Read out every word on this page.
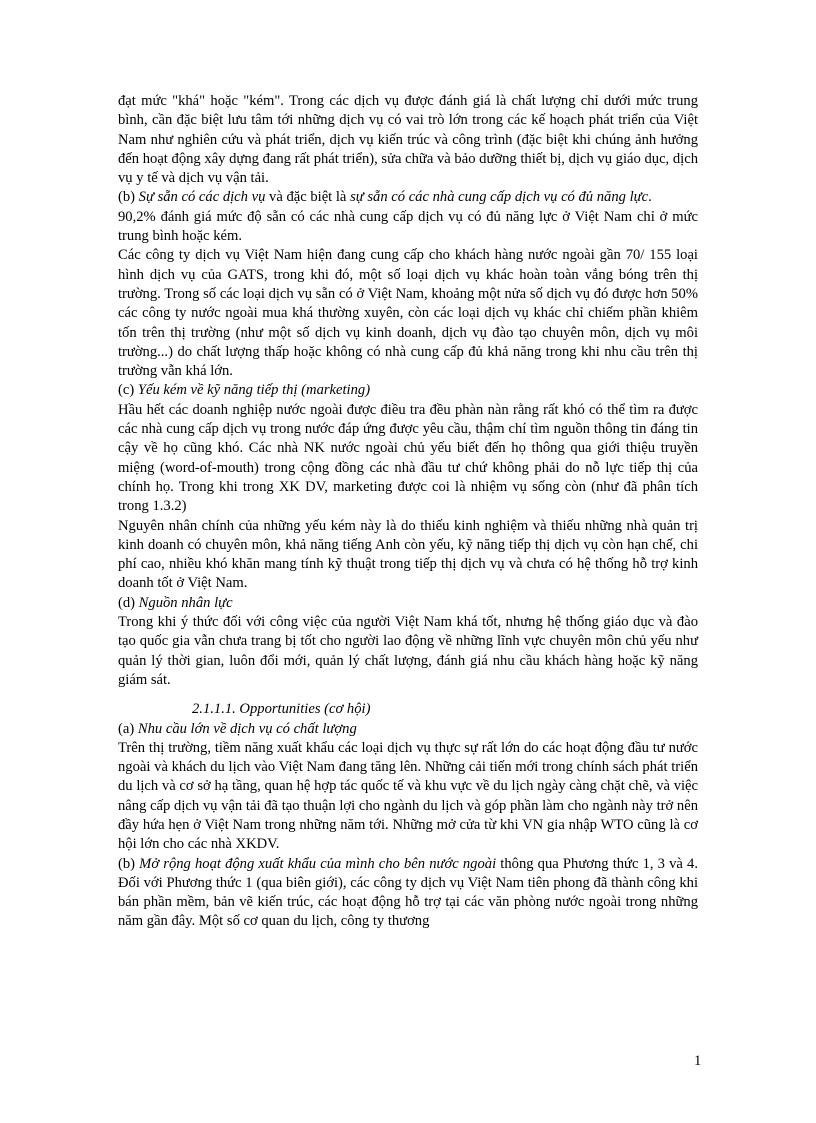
đạt mức "khá" hoặc "kém". Trong các dịch vụ được đánh giá là chất lượng chỉ dưới mức trung bình, cần đặc biệt lưu tâm tới những dịch vụ có vai trò lớn trong các kế hoạch phát triển của Việt Nam như nghiên cứu và phát triển, dịch vụ kiến trúc và công trình (đặc biệt khi chúng ảnh hưởng đến hoạt động xây dựng đang rất phát triển), sửa chữa và bảo dưỡng thiết bị, dịch vụ giáo dục, dịch vụ y tế và dịch vụ vận tải.

(b) Sự sẵn có các dịch vụ và đặc biệt là sự sẵn có các nhà cung cấp dịch vụ có đủ năng lực.

90,2% đánh giá mức độ sẵn có các nhà cung cấp dịch vụ có đủ năng lực ở Việt Nam chỉ ở mức trung bình hoặc kém.

Các công ty dịch vụ Việt Nam hiện đang cung cấp cho khách hàng nước ngoài gần 70/ 155 loại hình dịch vụ của GATS, trong khi đó, một số loại dịch vụ khác hoàn toàn vắng bóng trên thị trường. Trong số các loại dịch vụ sẵn có ở Việt Nam, khoảng một nửa số dịch vụ đó được hơn 50% các công ty nước ngoài mua khá thường xuyên, còn các loại dịch vụ khác chỉ chiếm phần khiêm tốn trên thị trường (như một số dịch vụ kinh doanh, dịch vụ đào tạo chuyên môn, dịch vụ môi trường...) do chất lượng thấp hoặc không có nhà cung cấp đủ khả năng trong khi nhu cầu trên thị trường vẫn khá lớn.

(c) Yếu kém về kỹ năng tiếp thị (marketing)

Hầu hết các doanh nghiệp nước ngoài được điều tra đều phàn nàn rằng rất khó có thể tìm ra được các nhà cung cấp dịch vụ trong nước đáp ứng được yêu cầu, thậm chí tìm nguồn thông tin đáng tin cậy về họ cũng khó. Các nhà NK nước ngoài chủ yếu biết đến họ thông qua giới thiệu truyền miệng (word-of-mouth) trong cộng đồng các nhà đầu tư chứ không phải do nỗ lực tiếp thị của chính họ. Trong khi trong XK DV, marketing được coi là nhiệm vụ sống còn (như đã phân tích trong 1.3.2)

Nguyên nhân chính của những yếu kém này là do thiếu kinh nghiệm và thiếu những nhà quản trị kinh doanh có chuyên môn, khả năng tiếng Anh còn yếu, kỹ năng tiếp thị dịch vụ còn hạn chế, chi phí cao, nhiều khó khăn mang tính kỹ thuật trong tiếp thị dịch vụ và chưa có hệ thống hỗ trợ kinh doanh tốt ở Việt Nam.

(d) Nguồn nhân lực

Trong khi ý thức đối với công việc của người Việt Nam khá tốt, nhưng hệ thống giáo dục và đào tạo quốc gia vẫn chưa trang bị tốt cho người lao động về những lĩnh vực chuyên môn chủ yếu như quản lý thời gian, luôn đổi mới, quản lý chất lượng, đánh giá nhu cầu khách hàng hoặc kỹ năng giám sát.

2.1.1.1. Opportunities (cơ hội)

(a) Nhu cầu lớn về dịch vụ có chất lượng

Trên thị trường, tiềm năng xuất khẩu các loại dịch vụ thực sự rất lớn do các hoạt động đầu tư nước ngoài và khách du lịch vào Việt Nam đang tăng lên. Những cải tiến mới trong chính sách phát triển du lịch và cơ sở hạ tầng, quan hệ hợp tác quốc tế và khu vực về du lịch ngày càng chặt chẽ, và việc nâng cấp dịch vụ vận tải đã tạo thuận lợi cho ngành du lịch và góp phần làm cho ngành này trở nên đầy hứa hẹn ở Việt Nam trong những năm tới. Những mở cửa từ khi VN gia nhập WTO cũng là cơ hội lớn cho các nhà XKDV.

(b) Mở rộng hoạt động xuất khẩu của mình cho bên nước ngoài thông qua Phương thức 1, 3 và 4. Đối với Phương thức 1 (qua biên giới), các công ty dịch vụ Việt Nam tiên phong đã thành công khi bán phần mềm, bản vẽ kiến trúc, các hoạt động hỗ trợ tại các văn phòng nước ngoài trong những năm gần đây. Một số cơ quan du lịch, công ty thương

1
